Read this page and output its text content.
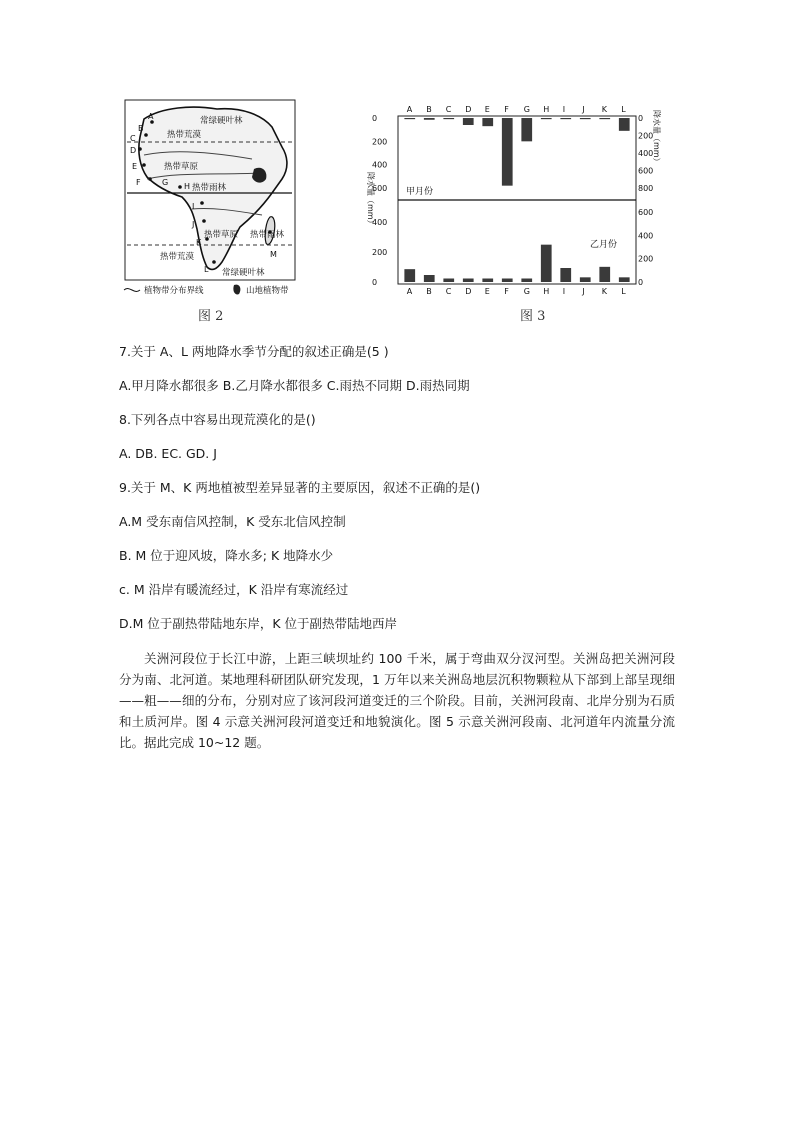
A
B
C
D
E
F	G H
I
J
K
L
M
常绿硬叶林
热带荒漠
热带草原
热带雨林
热带草原 热带雨林
热带荒漠
常绿硬叶林
植物带分布界线	山地植物带
图 2
甲月份
乙月份
降水量（mm）
降水量（mm）
A
A
B
B
C
C
D
D
E
E
F
F
G
G
H
H
I
I
J
J
K
K
L
L
0
200
400
600
0
200
400
600
800
0
200
400
0
200
400
600
图 3
7.关于 A、L 两地降水季节分配的叙述正确是(5 )
A.甲月降水都很多 B.乙月降水都很多 C.雨热不同期 D.雨热同期
8.下列各点中容易出现荒漠化的是()
A. DB. EC. GD. J
9.关于 M、K 两地植被型差异显著的主要原因，叙述不正确的是()
A.M 受东南信风控制，K 受东北信风控制
B. M 位于迎风坡，降水多; K 地降水少
c. M 沿岸有暖流经过，K 沿岸有寒流经过
D.M 位于副热带陆地东岸，K 位于副热带陆地西岸
关洲河段位于长江中游，上距三峡坝址约 100 千米，属于弯曲双分汊河型。关洲岛把关洲河段分为南、北河道。某地理科研团队研究发现，1 万年以来关洲岛地层沉积物颗粒从下部到上部呈现细——粗——细的分布，分别对应了该河段河道变迁的三个阶段。目前，关洲河段南、北岸分别为石质和土质河岸。图 4 示意关洲河段河道变迁和地貌演化。图 5 示意关洲河段南、北河道年内流量分流比。据此完成 10~12 题。
